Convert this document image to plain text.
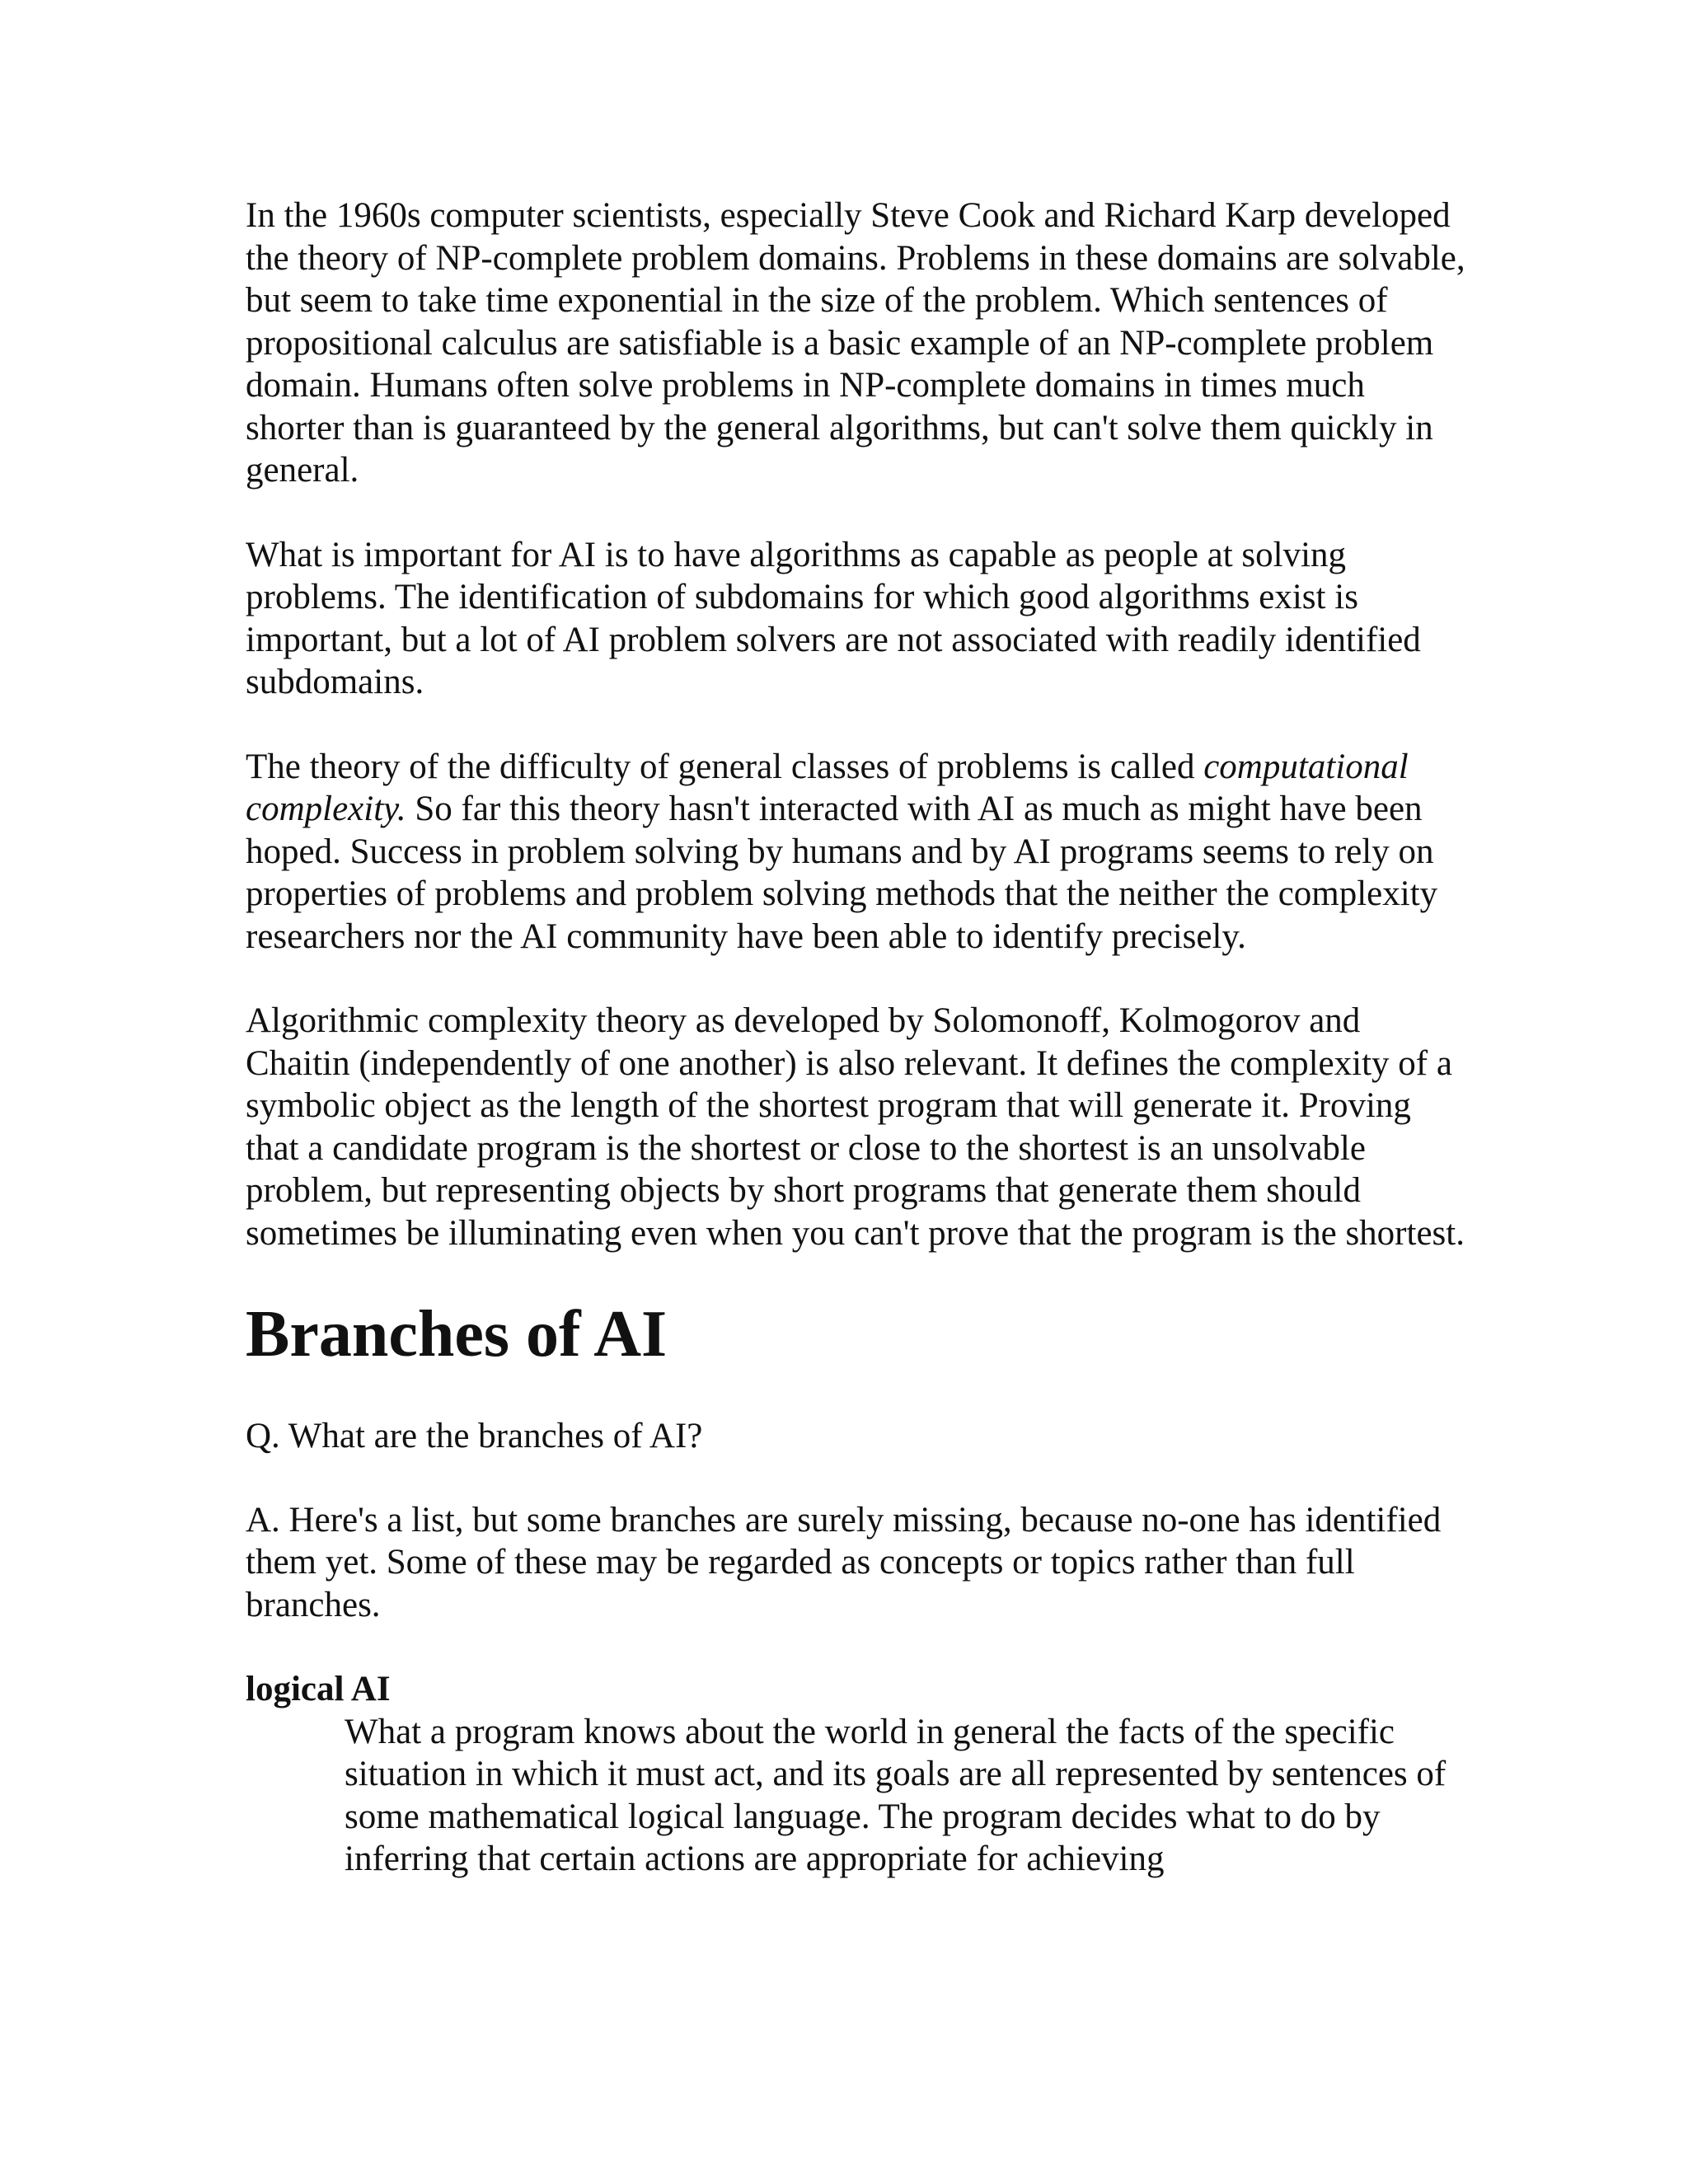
In the 1960s computer scientists, especially Steve Cook and Richard Karp developed the theory of NP-complete problem domains. Problems in these domains are solvable, but seem to take time exponential in the size of the problem. Which sentences of propositional calculus are satisfiable is a basic example of an NP-complete problem domain. Humans often solve problems in NP-complete domains in times much shorter than is guaranteed by the general algorithms, but can't solve them quickly in general.

What is important for AI is to have algorithms as capable as people at solving problems. The identification of subdomains for which good algorithms exist is important, but a lot of AI problem solvers are not associated with readily identified subdomains.

The theory of the difficulty of general classes of problems is called computational complexity. So far this theory hasn't interacted with AI as much as might have been hoped. Success in problem solving by humans and by AI programs seems to rely on properties of problems and problem solving methods that the neither the complexity researchers nor the AI community have been able to identify precisely.

Algorithmic complexity theory as developed by Solomonoff, Kolmogorov and Chaitin (independently of one another) is also relevant. It defines the complexity of a symbolic object as the length of the shortest program that will generate it. Proving that a candidate program is the shortest or close to the shortest is an unsolvable problem, but representing objects by short programs that generate them should sometimes be illuminating even when you can't prove that the program is the shortest.

Branches of AI

Q. What are the branches of AI?

A. Here's a list, but some branches are surely missing, because no-one has identified them yet. Some of these may be regarded as concepts or topics rather than full branches.

logical AI
What a program knows about the world in general the facts of the specific situation in which it must act, and its goals are all represented by sentences of some mathematical logical language. The program decides what to do by inferring that certain actions are appropriate for achieving
